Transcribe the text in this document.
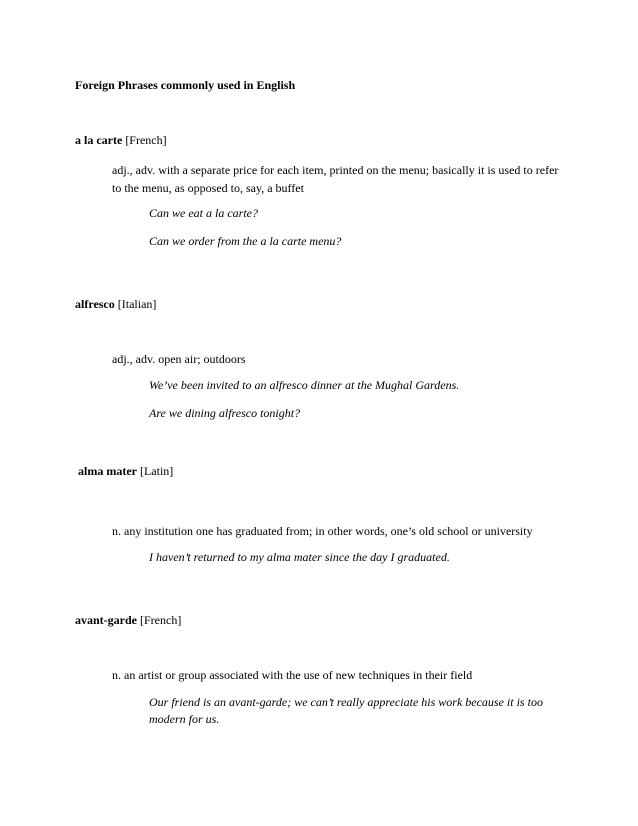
Foreign Phrases commonly used in English
a la carte [French]
adj., adv. with a separate price for each item, printed on the menu; basically it is used to refer to the menu, as opposed to, say, a buffet
Can we eat a la carte?
Can we order from the a la carte menu?
alfresco [Italian]
adj., adv. open air; outdoors
We’ve been invited to an alfresco dinner at the Mughal Gardens.
Are we dining alfresco tonight?
alma mater [Latin]
n. any institution one has graduated from; in other words, one’s old school or university
I haven’t returned to my alma mater since the day I graduated.
avant-garde [French]
n. an artist or group associated with the use of new techniques in their field
Our friend is an avant-garde; we can’t really appreciate his work because it is too modern for us.
